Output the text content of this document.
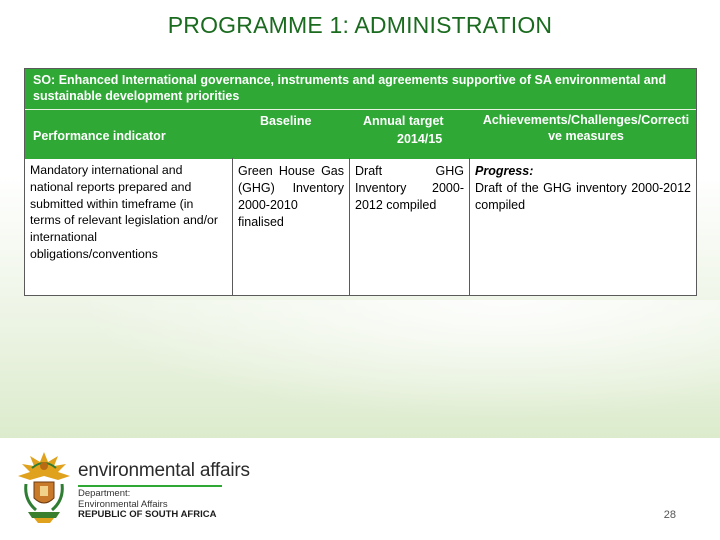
PROGRAMME 1: ADMINISTRATION
SO: Enhanced International governance, instruments and agreements supportive of SA environmental and sustainable development priorities
Performance indicator
Baseline	Annual target
2014/15
Achievements/Challenges/Corrective measures
Mandatory international and national reports prepared and submitted within timeframe (in terms of relevant legislation and/or international obligations/conventions
Green House Gas (GHG) Inventory 2000-2010 finalised
Draft GHG Inventory 2000-2012 compiled
Progress:
Draft of the GHG inventory 2000-2012 compiled
environmental affairs
Department:
Environmental Affairs
REPUBLIC OF SOUTH AFRICA	28
